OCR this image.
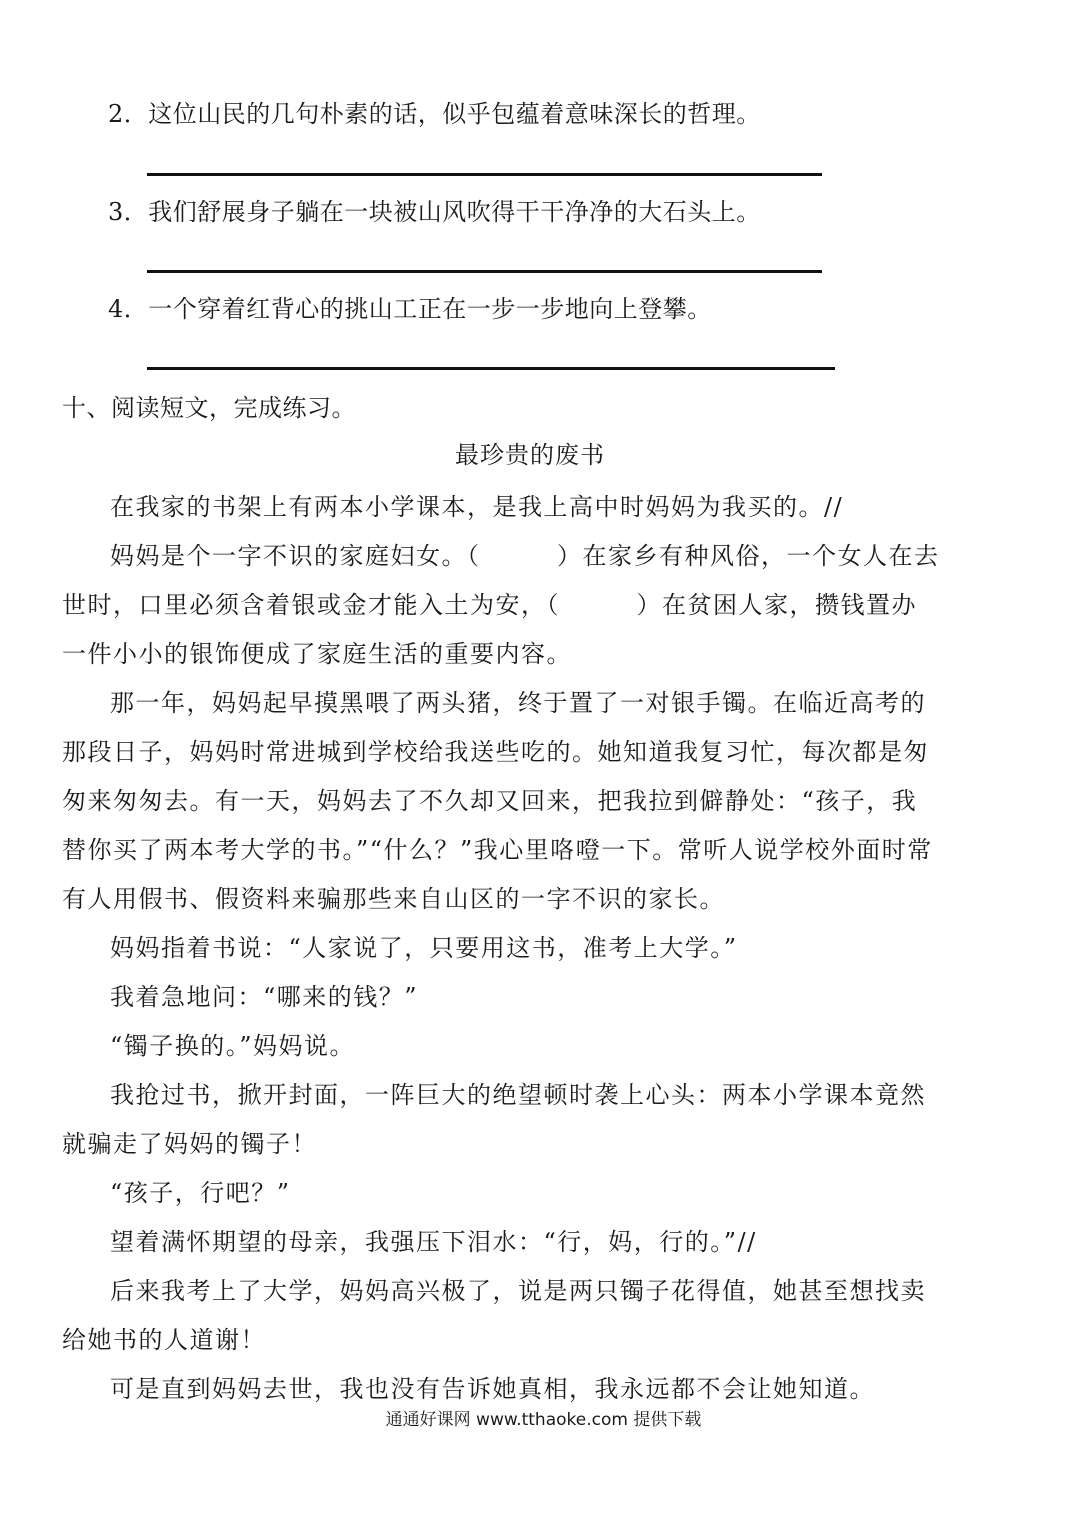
2．这位山民的几句朴素的话，似乎包蕴着意味深长的哲理。
3．我们舒展身子躺在一块被山风吹得干干净净的大石头上。
4．一个穿着红背心的挑山工正在一步一步地向上登攀。
十、阅读短文，完成练习。
最珍贵的废书

在我家的书架上有两本小学课本，是我上高中时妈妈为我买的。//

妈妈是个一字不识的家庭妇女。（　　　）在家乡有种风俗，一个女人在去世时，口里必须含着银或金才能入土为安，（　　　）在贫困人家，攒钱置办一件小小的银饰便成了家庭生活的重要内容。

那一年，妈妈起早摸黑喂了两头猪，终于置了一对银手镯。在临近高考的那段日子，妈妈时常进城到学校给我送些吃的。她知道我复习忙，每次都是匆匆来匆匆去。有一天，妈妈去了不久却又回来，把我拉到僻静处：“孩子，我替你买了两本考大学的书。”“什么？”我心里咯噔一下。常听人说学校外面时常有人用假书、假资料来骗那些来自山区的一字不识的家长。

妈妈指着书说：“人家说了，只要用这书，准考上大学。”

我着急地问：“哪来的钱？”

“镯子换的。”妈妈说。

我抢过书，掀开封面，一阵巨大的绝望顿时袭上心头：两本小学课本竟然就骗走了妈妈的镯子！

“孩子，行吧？”

望着满怀期望的母亲，我强压下泪水：“行，妈，行的。”//

后来我考上了大学，妈妈高兴极了，说是两只镯子花得值，她甚至想找卖给她书的人道谢！

可是直到妈妈去世，我也没有告诉她真相，我永远都不会让她知道。

通通好课网 www.tthaoke.com 提供下载
